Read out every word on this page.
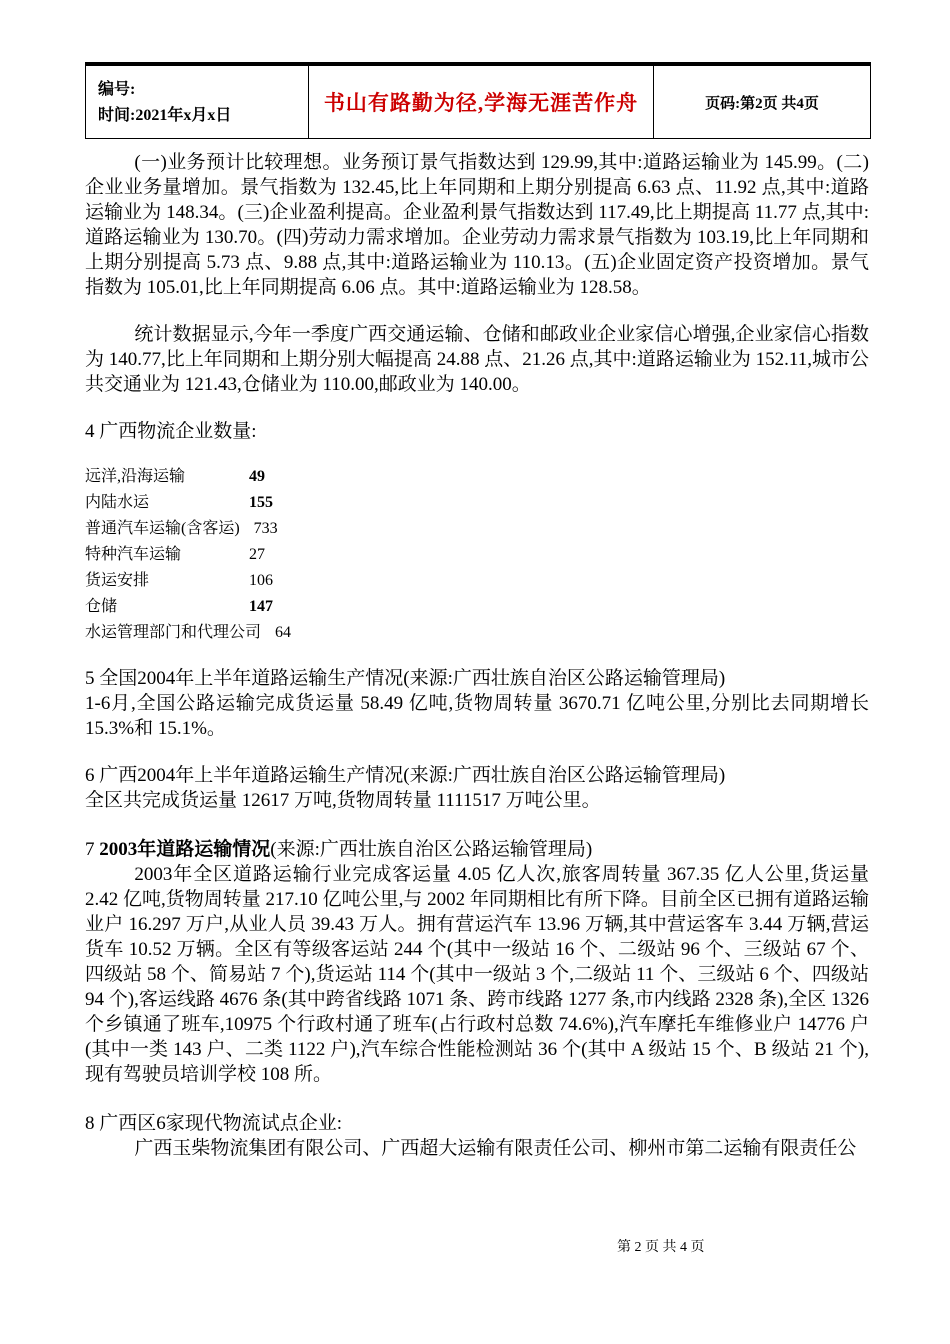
编号:
时间:2021年x月x日
书山有路勤为径,学海无涯苦作舟	页码:第2页 共4页
(一)业务预计比较理想。业务预订景气指数达到 129.99,其中:道路运输业为 145.99。(二)企业业务量增加。景气指数为 132.45,比上年同期和上期分别提高 6.63 点、11.92 点,其中:道路运输业为 148.34。(三)企业盈利提高。企业盈利景气指数达到 117.49,比上期提高 11.77 点,其中:道路运输业为 130.70。(四)劳动力需求增加。企业劳动力需求景气指数为 103.19,比上年同期和上期分别提高 5.73 点、9.88 点,其中:道路运输业为 110.13。(五)企业固定资产投资增加。景气指数为 105.01,比上年同期提高 6.06 点。其中:道路运输业为 128.58。
统计数据显示,今年一季度广西交通运输、仓储和邮政业企业家信心增强,企业家信心指数为 140.77,比上年同期和上期分别大幅提高 24.88 点、21.26 点,其中:道路运输业为 152.11,城市公共交通业为 121.43,仓储业为 110.00,邮政业为 140.00。
4 广西物流企业数量:
远洋,沿海运输	49
内陆水运	155
普通汽车运输(含客运) 733
特种汽车运输	27
货运安排	106
仓储	147
水运管理部门和代理公司 64
5 全国2004年上半年道路运输生产情况(来源:广西壮族自治区公路运输管理局)
1-6月,全国公路运输完成货运量 58.49 亿吨,货物周转量 3670.71 亿吨公里,分别比去同期增长 15.3%和 15.1%。
6 广西2004年上半年道路运输生产情况(来源:广西壮族自治区公路运输管理局)
全区共完成货运量 12617 万吨,货物周转量 1111517 万吨公里。
7 2003年道路运输情况(来源:广西壮族自治区公路运输管理局)
2003年全区道路运输行业完成客运量 4.05 亿人次,旅客周转量 367.35 亿人公里,货运量 2.42 亿吨,货物周转量 217.10 亿吨公里,与 2002 年同期相比有所下降。目前全区已拥有道路运输业户 16.297 万户,从业人员 39.43 万人。拥有营运汽车 13.96 万辆,其中营运客车 3.44 万辆,营运货车 10.52 万辆。全区有等级客运站 244 个(其中一级站 16 个、二级站 96 个、三级站 67 个、四级站 58 个、简易站 7 个),货运站 114 个(其中一级站 3 个,二级站 11 个、三级站 6 个、四级站 94 个),客运线路 4676 条(其中跨省线路 1071 条、跨市线路 1277 条,市内线路 2328 条),全区 1326 个乡镇通了班车,10975 个行政村通了班车(占行政村总数 74.6%),汽车摩托车维修业户 14776 户(其中一类 143 户、二类 1122 户),汽车综合性能检测站 36 个(其中 A 级站 15 个、B 级站 21 个),现有驾驶员培训学校 108 所。
8 广西区6家现代物流试点企业:
广西玉柴物流集团有限公司、广西超大运输有限责任公司、柳州市第二运输有限责任公
第 2 页 共 4 页
